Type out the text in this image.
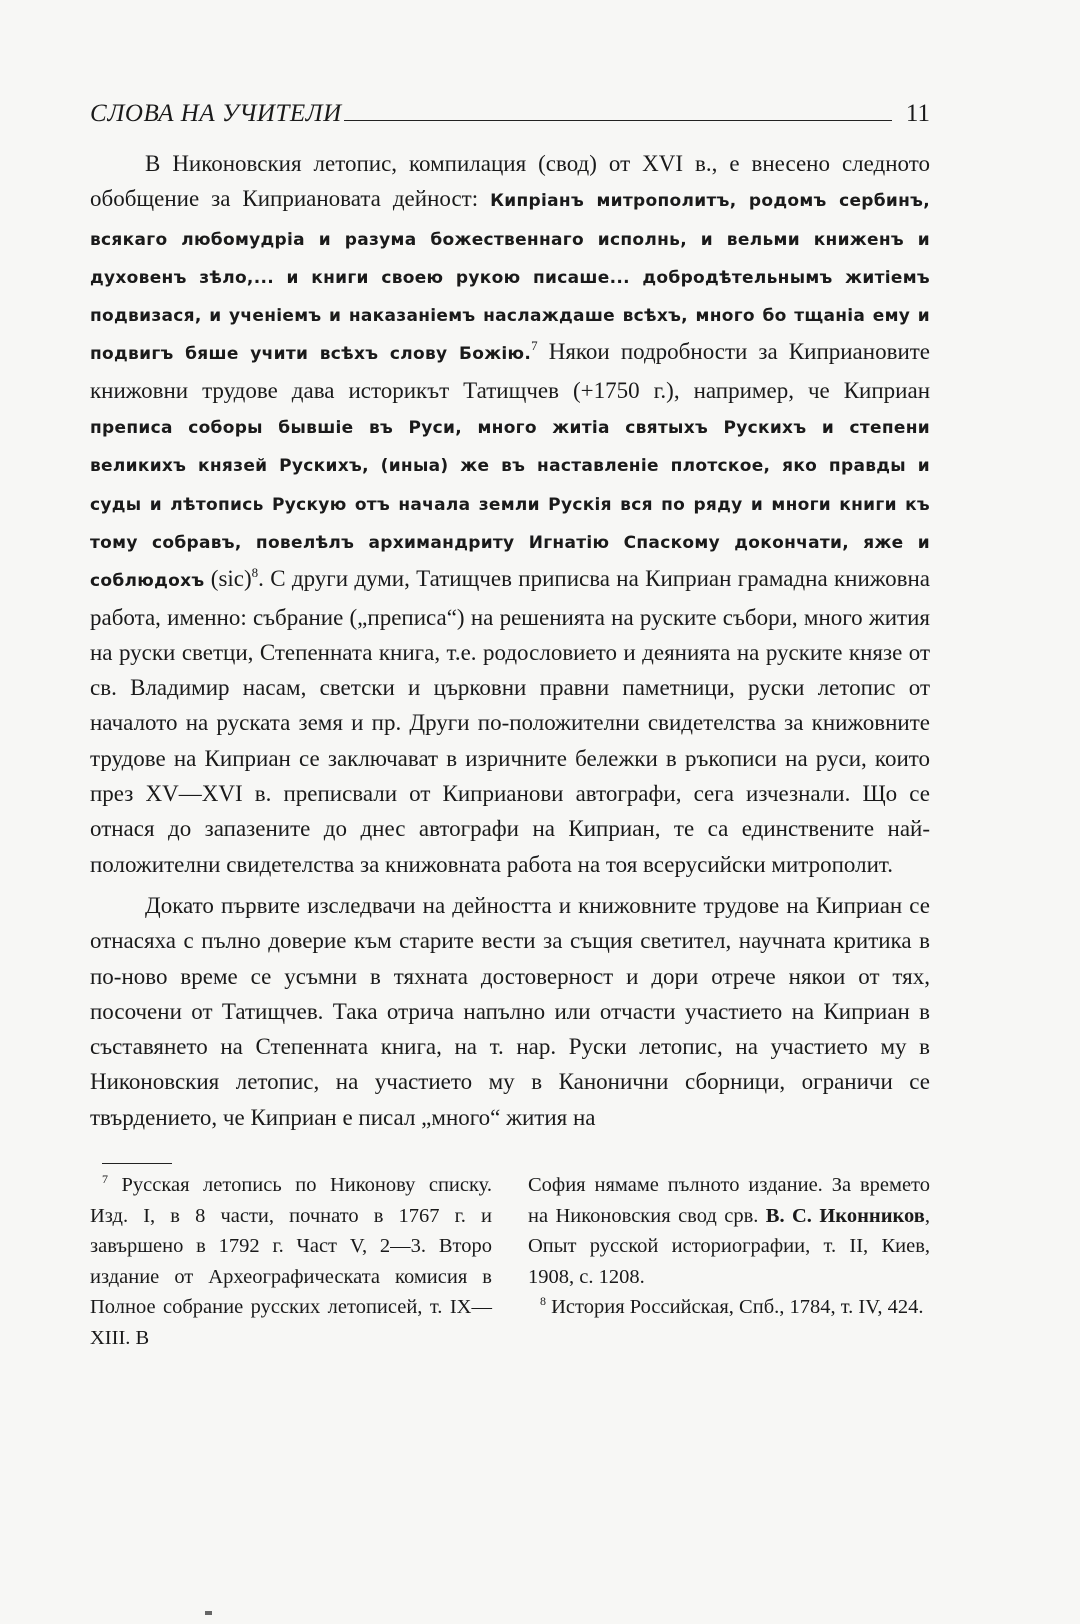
СЛОВА НА УЧИТЕЛИ	11

В Никоновския летопис, компилация (свод) от XVI в., е внесено следното обобщение за Киприановата дейност: Кипріанъ митрополитъ, родомъ сербинъ, всякаго любомудріа и разума божественнаго исполнь, и вельми книженъ и духовенъ зѣло,... и книги своею рукою писаше... добродѣтельнымъ житіемъ подвизася, и ученіемъ и наказаніемъ наслаждаше всѣхъ, много бо тщаніа ему и подвигъ бяше учити всѣхъ слову Божію.$^7$ Някои подробности за Киприановите книжовни трудове дава историкът Татищчев (+1750 г.), например, че Киприан преписа соборы бывшіе въ Руси, много житіа святыхъ Рускихъ и степени великихъ князей Рускихъ, (иныа) же въ наставленіе плотское, яко правды и суды и лѣтопись Рускую отъ начала земли Рускія вся по ряду и многи книги къ тому собравъ, повелѣлъ архимандриту Игнатію Спаскому докончати, яже и соблюдохъ (sic)$^8$. С други думи, Татищчев приписва на Киприан грамадна книжовна работа, именно: събрание („преписа“) на решенията на руските събори, много жития на руски светци, Степенната книга, т.е. родословието и деянията на руските князе от св. Владимир насам, светски и църковни правни паметници, руски летопис от началото на руската земя и пр. Други по-положителни свидетелства за книжовните трудове на Киприан се заключават в изричните бележки в ръкописи на руси, които през XV—XVI в. преписвали от Киприанови автографи, сега изчезнали. Що се отнася до запазените до днес автографи на Киприан, те са единствените най-положителни свидетелства за книжовната работа на тоя всерусийски митрополит.

Докато първите изследвачи на дейността и книжовните трудове на Киприан се отнасяха с пълно доверие към старите вести за същия светител, научната критика в по-ново време се усъмни в тяхната достоверност и дори отрече някои от тях, посочени от Татищчев. Така отрича напълно или отчасти участието на Киприан в съставянето на Степенната книга, на т. нар. Руски летопис, на участието му в Никоновския летопис, на участието му в Канонични сборници, ограничи се твърдението, че Киприан е писал „много“ жития на

$^7$ Русская летопись по Никонову списку. Изд. I, в 8 части, почнато в 1767 г. и завършено в 1792 г. Част V, 2—3. Второ издание от Археографическата комисия в Полное собрание русских летописей, т. IX—XIII. В

София нямаме пълното издание. За времето на Никоновския свод срв. В. С. Иконников, Опыт русской историографии, т. II, Киев, 1908, с. 1208.

$^8$ История Российская, Спб., 1784, т. IV, 424.
